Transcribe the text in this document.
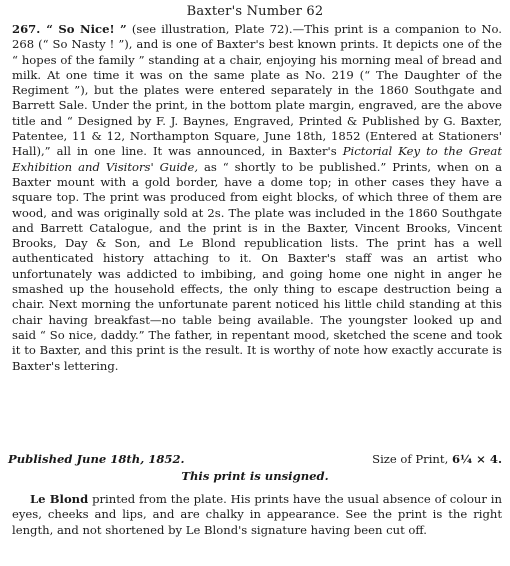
Baxter's Number 62
267. “ So Nice! ” (see illustration, Plate 72).—This print is a companion to No. 268 (“ So Nasty ! ”), and is one of Baxter's best known prints. It depicts one of the “ hopes of the family ” standing at a chair, enjoying his morning meal of bread and milk. At one time it was on the same plate as No. 219 (“ The Daughter of the Regiment ”), but the plates were entered separately in the 1860 Southgate and Barrett Sale. Under the print, in the bottom plate margin, engraved, are the above title and “ Designed by F. J. Baynes, Engraved, Printed & Published by G. Baxter, Patentee, 11 & 12, Northampton Square, June 18th, 1852 (Entered at Stationers' Hall),” all in one line. It was announced, in Baxter's Pictorial Key to the Great Exhibition and Visitors' Guide, as “ shortly to be published.” Prints, when on a Baxter mount with a gold border, have a dome top; in other cases they have a square top. The print was produced from eight blocks, of which three of them are wood, and was originally sold at 2s. The plate was included in the 1860 Southgate and Barrett Catalogue, and the print is in the Baxter, Vincent Brooks, Vincent Brooks, Day & Son, and Le Blond republication lists. The print has a well authenticated history attaching to it. On Baxter's staff was an artist who unfortunately was addicted to imbibing, and going home one night in anger he smashed up the household effects, the only thing to escape destruction being a chair. Next morning the unfortunate parent noticed his little child standing at this chair having breakfast—no table being available. The youngster looked up and said “ So nice, daddy.” The father, in repentant mood, sketched the scene and took it to Baxter, and this print is the result. It is worthy of note how exactly accurate is Baxter's lettering.
Published June 18th, 1852.	Size of Print, 6¼ × 4.
This print is unsigned.
Le Blond printed from the plate. His prints have the usual absence of colour in eyes, cheeks and lips, and are chalky in appearance. See the print is the right length, and not shortened by Le Blond's signature having been cut off.
